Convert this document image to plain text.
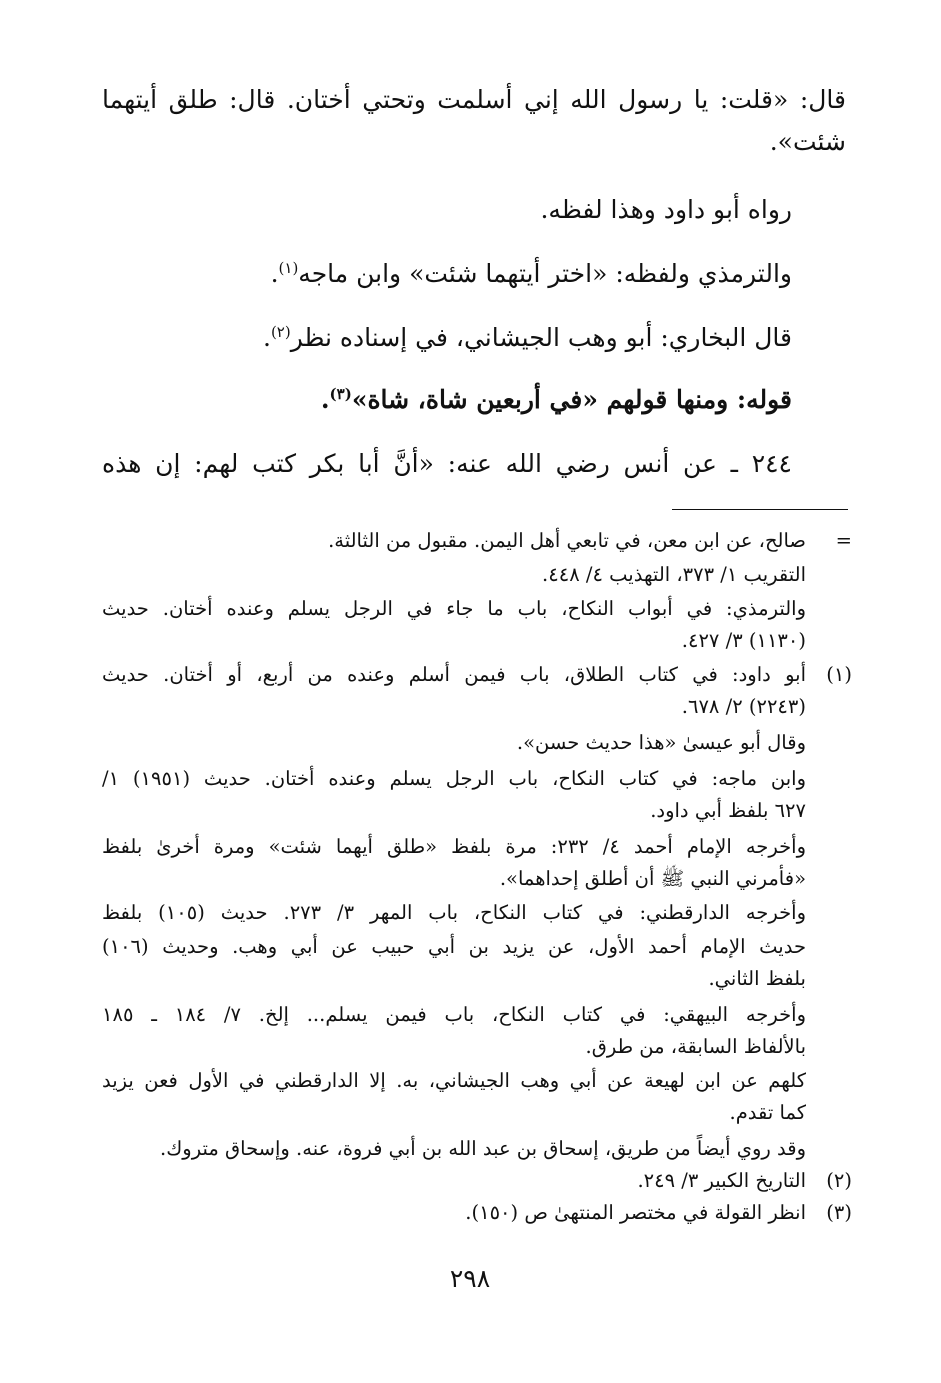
قال: «قلت: يا رسول الله إني أسلمت وتحتي أختان. قال: طلق أيتهما
شئت».
رواه أبو داود وهذا لفظه.
والترمذي ولفظه: «اختر أيتهما شئت» وابن ماجه$^{(١)}$.
قال البخاري: أبو وهب الجيشاني، في إسناده نظر$^{(٢)}$.
قوله: ومنها قولهم «في أربعين شاة، شاة»$^{(٣)}$.
٢٤٤ ـ عن أنس رضي الله عنه: «أنَّ أبا بكر كتب لهم: إن هذه
=
صالح، عن ابن معن، في تابعي أهل اليمن. مقبول من الثالثة.
التقريب ١/ ٣٧٣، التهذيب ٤/ ٤٤٨.
والترمذي: في أبواب النكاح، باب ما جاء في الرجل يسلم وعنده أختان. حديث
(١١٣٠) ٣/ ٤٢٧.
(١)
أبو داود: في كتاب الطلاق، باب فيمن أسلم وعنده من أربع، أو أختان. حديث
(٢٢٤٣) ٢/ ٦٧٨.
وقال أبو عيسىٰ «هذا حديث حسن».
وابن ماجه: في كتاب النكاح، باب الرجل يسلم وعنده أختان. حديث (١٩٥١) ١/
٦٢٧ بلفظ أبي داود.
وأخرجه الإمام أحمد ٤/ ٢٣٢: مرة بلفظ «طلق أيهما شئت» ومرة أخرىٰ بلفظ
«فأمرني النبي ﷺ أن أطلق إحداهما».
وأخرجه الدارقطني: في كتاب النكاح، باب المهر ٣/ ٢٧٣. حديث (١٠٥) بلفظ
حديث الإمام أحمد الأول، عن يزيد بن أبي حبيب عن أبي وهب. وحديث (١٠٦)
بلفظ الثاني.
وأخرجه البيهقي: في كتاب النكاح، باب فيمن يسلم... إلخ. ٧/ ١٨٤ ـ ١٨٥
بالألفاظ السابقة، من طرق.
كلهم عن ابن لهيعة عن أبي وهب الجيشاني، به. إلا الدارقطني في الأول فعن يزيد
كما تقدم.
وقد روي أيضاً من طريق، إسحاق بن عبد الله بن أبي فروة، عنه. وإسحاق متروك.
(٢)
التاريخ الكبير ٣/ ٢٤٩.
(٣)
انظر القولة في مختصر المنتهىٰ ص (١٥٠).
٢٩٨
